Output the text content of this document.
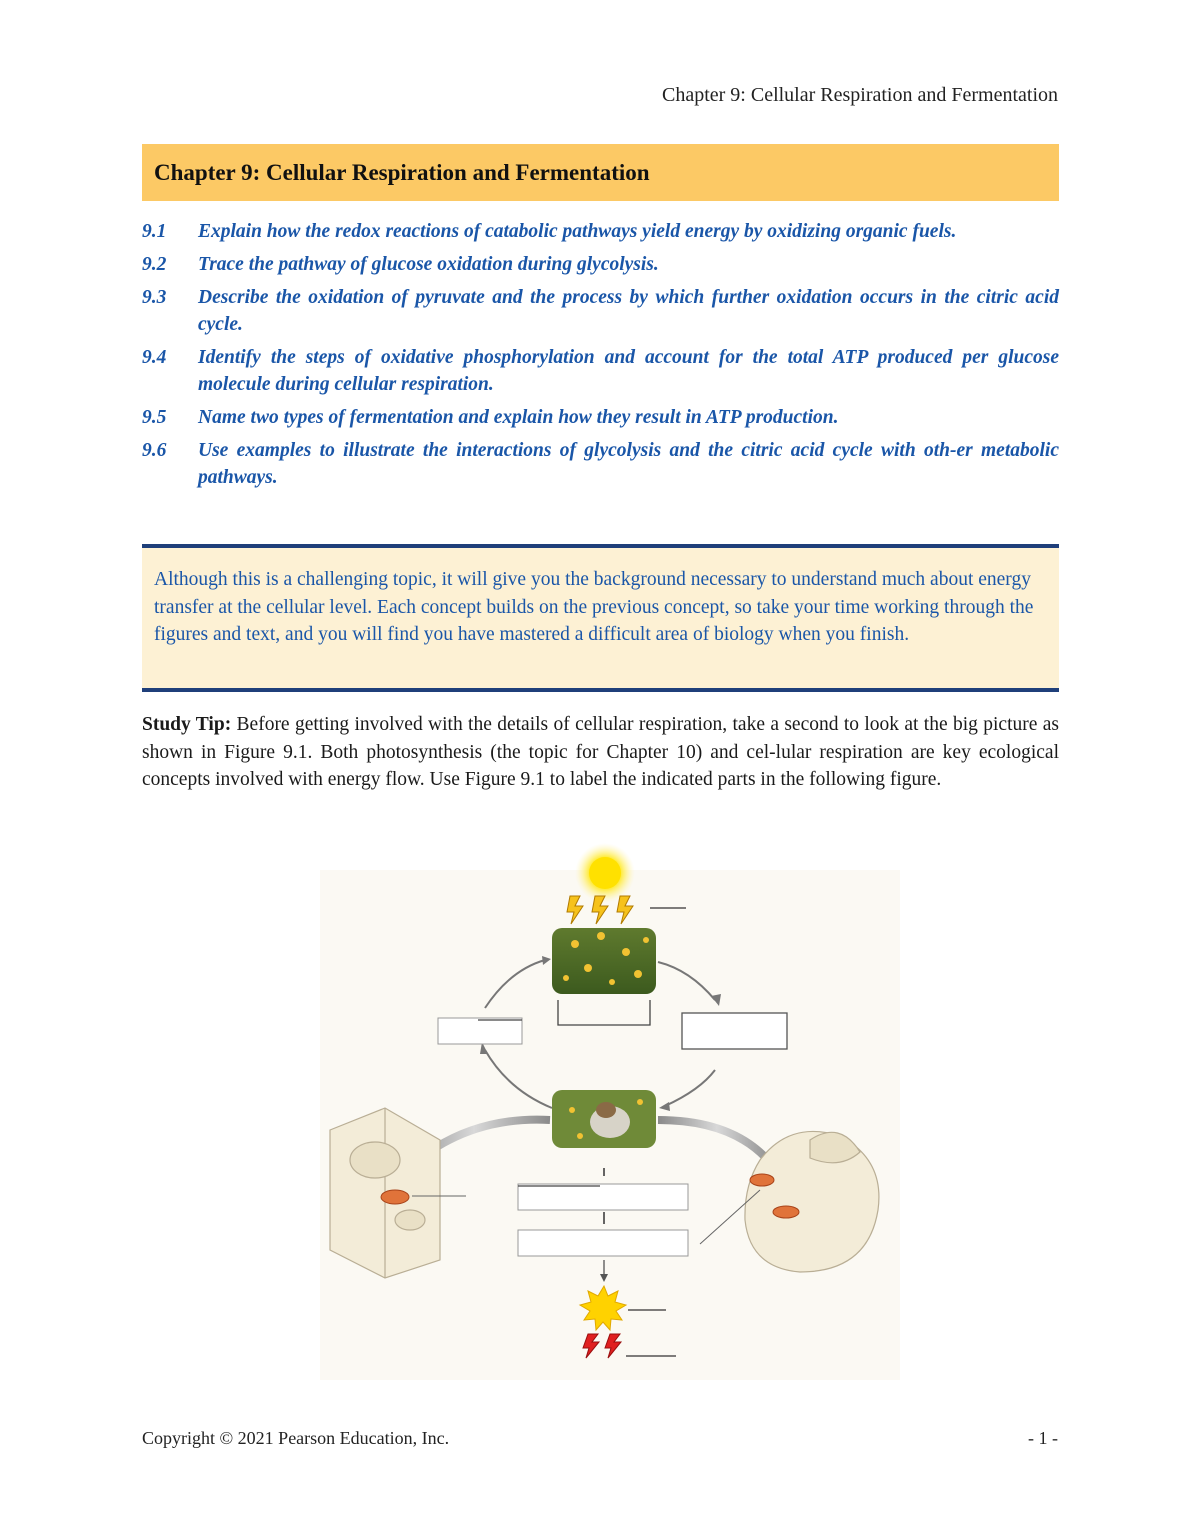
Chapter 9: Cellular Respiration and Fermentation
Chapter 9: Cellular Respiration and Fermentation
9.1	Explain how the redox reactions of catabolic pathways yield energy by oxidizing organic fuels.
9.2	Trace the pathway of glucose oxidation during glycolysis.
9.3	Describe the oxidation of pyruvate and the process by which further oxidation occurs in the citric acid cycle.
9.4	Identify the steps of oxidative phosphorylation and account for the total ATP produced per glucose molecule during cellular respiration.
9.5	Name two types of fermentation and explain how they result in ATP production.
9.6	Use examples to illustrate the interactions of glycolysis and the citric acid cycle with oth-er metabolic pathways.

Although this is a challenging topic, it will give you the background necessary to understand much about energy transfer at the cellular level. Each concept builds on the previous concept, so take your time working through the figures and text, and you will find you have mastered a difficult area of biology when you finish.

Study Tip: Before getting involved with the details of cellular respiration, take a second to look at the big picture as shown in Figure 9.1. Both photosynthesis (the topic for Chapter 10) and cel-lular respiration are key ecological concepts involved with energy flow. Use Figure 9.1 to label the indicated parts in the following figure.

Copyright © 2021 Pearson Education, Inc.	- 1 -
